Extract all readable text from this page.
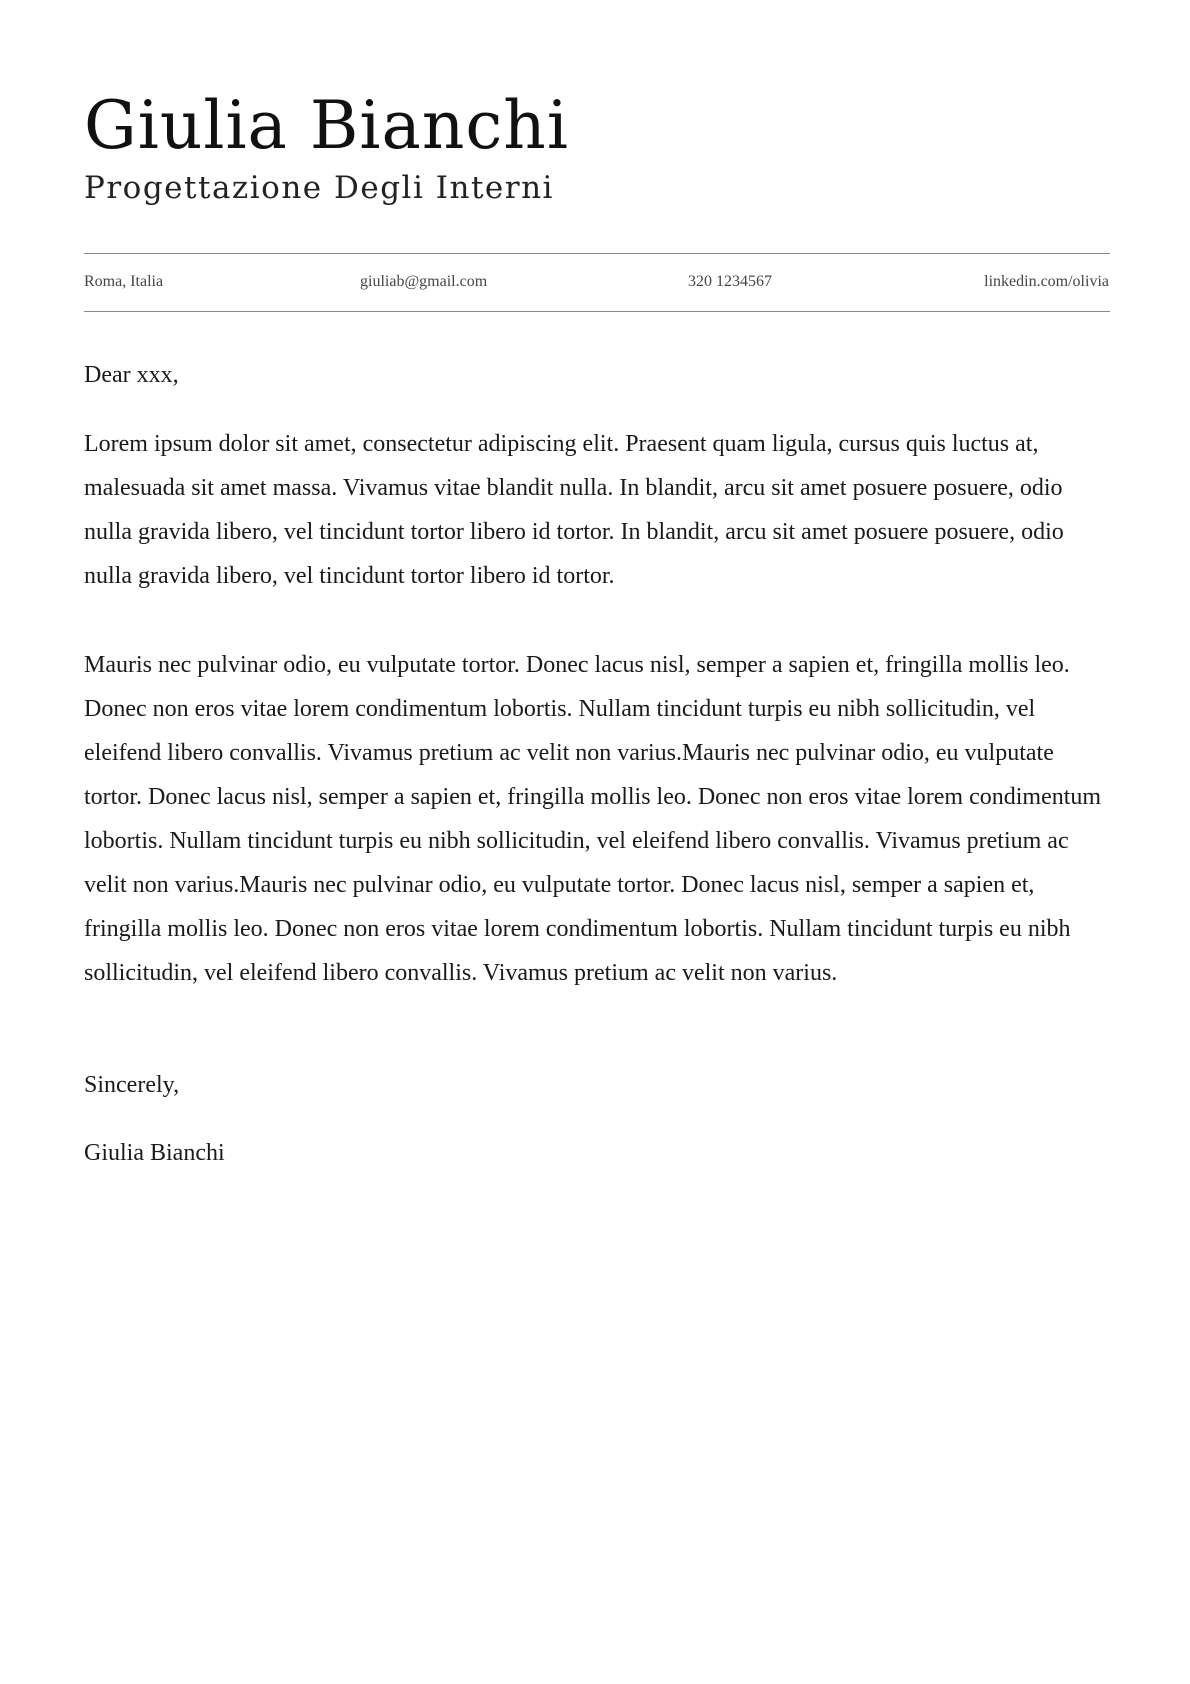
Giulia Bianchi
Progettazione Degli Interni
Roma, Italia	giuliab@gmail.com	320 1234567	linkedin.com/olivia
Dear xxx,

Lorem ipsum dolor sit amet, consectetur adipiscing elit. Praesent quam ligula, cursus quis luctus at, malesuada sit amet massa. Vivamus vitae blandit nulla. In blandit, arcu sit amet posuere posuere, odio nulla gravida libero, vel tincidunt tortor libero id tortor. In blandit, arcu sit amet posuere posuere, odio nulla gravida libero, vel tincidunt tortor libero id tortor.

Mauris nec pulvinar odio, eu vulputate tortor. Donec lacus nisl, semper a sapien et, fringilla mollis leo. Donec non eros vitae lorem condimentum lobortis. Nullam tincidunt turpis eu nibh sollicitudin, vel eleifend libero convallis. Vivamus pretium ac velit non varius.Mauris nec pulvinar odio, eu vulputate tortor. Donec lacus nisl, semper a sapien et, fringilla mollis leo. Donec non eros vitae lorem condimentum lobortis. Nullam tincidunt turpis eu nibh sollicitudin, vel eleifend libero convallis. Vivamus pretium ac velit non varius.Mauris nec pulvinar odio, eu vulputate tortor. Donec lacus nisl, semper a sapien et, fringilla mollis leo. Donec non eros vitae lorem condimentum lobortis. Nullam tincidunt turpis eu nibh sollicitudin, vel eleifend libero convallis. Vivamus pretium ac velit non varius.

Sincerely,
Giulia Bianchi
